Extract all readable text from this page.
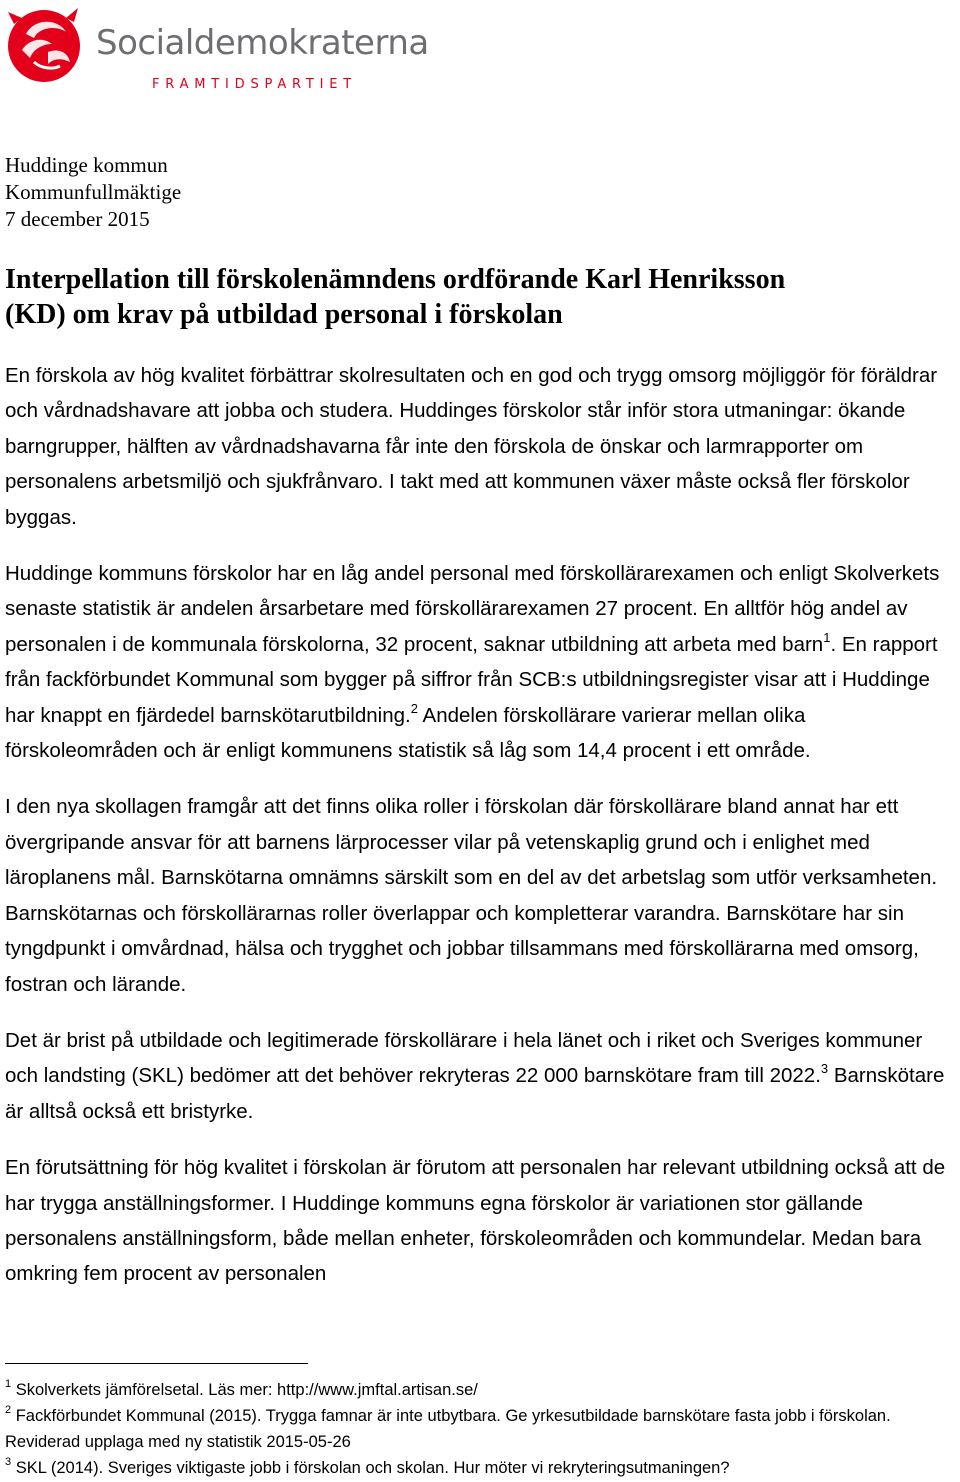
Socialdemokraterna
FRAMTIDSPARTIET
Huddinge kommun
Kommunfullmäktige
7 december 2015
Interpellation till förskolenämndens ordförande Karl Henriksson
(KD) om krav på utbildad personal i förskolan

En förskola av hög kvalitet förbättrar skolresultaten och en god och trygg omsorg möjliggör för föräldrar och vårdnadshavare att jobba och studera. Huddinges förskolor står inför stora utmaningar: ökande barngrupper, hälften av vårdnadshavarna får inte den förskola de önskar och larmrapporter om personalens arbetsmiljö och sjukfrånvaro. I takt med att kommunen växer måste också fler förskolor byggas.

Huddinge kommuns förskolor har en låg andel personal med förskollärarexamen och enligt Skolverkets senaste statistik är andelen årsarbetare med förskollärarexamen 27 procent. En alltför hög andel av personalen i de kommunala förskolorna, 32 procent, saknar utbildning att arbeta med barn$^1$. En rapport från fackförbundet Kommunal som bygger på siffror från SCB:s utbildningsregister visar att i Huddinge har knappt en fjärdedel barnskötarutbildning.$^2$ Andelen förskollärare varierar mellan olika förskoleområden och är enligt kommunens statistik så låg som 14,4 procent i ett område.

I den nya skollagen framgår att det finns olika roller i förskolan där förskollärare bland annat har ett övergripande ansvar för att barnens lärprocesser vilar på vetenskaplig grund och i enlighet med läroplanens mål. Barnskötarna omnämns särskilt som en del av det arbetslag som utför verksamheten. Barnskötarnas och förskollärarnas roller överlappar och kompletterar varandra. Barnskötare har sin tyngdpunkt i omvårdnad, hälsa och trygghet och jobbar tillsammans med förskollärarna med omsorg, fostran och lärande.

Det är brist på utbildade och legitimerade förskollärare i hela länet och i riket och Sveriges kommuner och landsting (SKL) bedömer att det behöver rekryteras 22 000 barnskötare fram till 2022.$^3$ Barnskötare är alltså också ett bristyrke.

En förutsättning för hög kvalitet i förskolan är förutom att personalen har relevant utbildning också att de har trygga anställningsformer. I Huddinge kommuns egna förskolor är variationen stor gällande personalens anställningsform, både mellan enheter, förskoleområden och kommundelar. Medan bara omkring fem procent av personalen

$^1$ Skolverkets jämförelsetal. Läs mer: http://www.jmftal.artisan.se/

$^2$ Fackförbundet Kommunal (2015). Trygga famnar är inte utbytbara. Ge yrkesutbildade barnskötare fasta jobb i förskolan. Reviderad upplaga med ny statistik 2015-05-26

$^3$ SKL (2014). Sveriges viktigaste jobb i förskolan och skolan. Hur möter vi rekryteringsutmaningen?
